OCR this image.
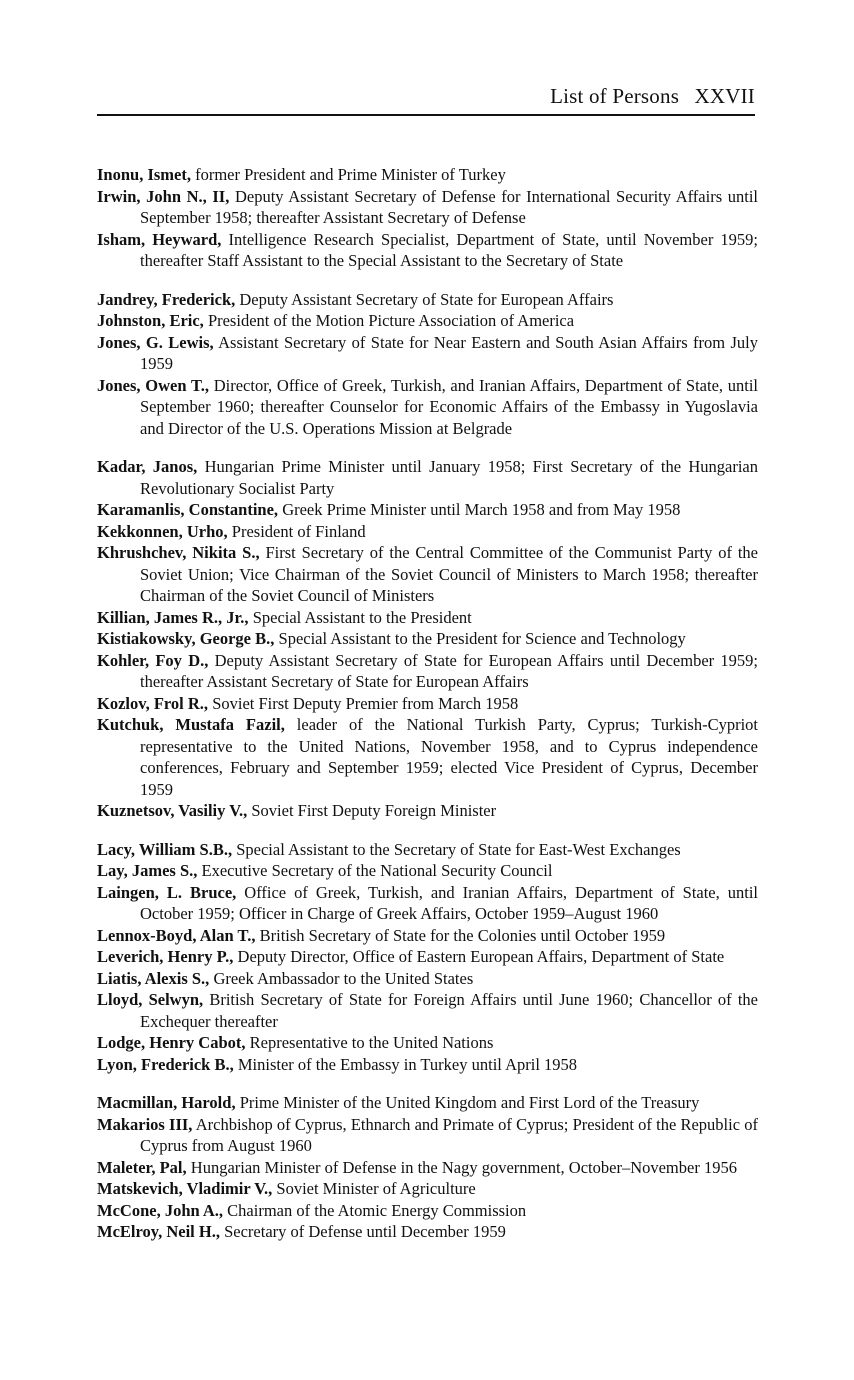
List of Persons XXVII
Inonu, Ismet, former President and Prime Minister of Turkey
Irwin, John N., II, Deputy Assistant Secretary of Defense for International Security Affairs until September 1958; thereafter Assistant Secretary of Defense
Isham, Heyward, Intelligence Research Specialist, Department of State, until November 1959; thereafter Staff Assistant to the Special Assistant to the Secretary of State
Jandrey, Frederick, Deputy Assistant Secretary of State for European Affairs
Johnston, Eric, President of the Motion Picture Association of America
Jones, G. Lewis, Assistant Secretary of State for Near Eastern and South Asian Affairs from July 1959
Jones, Owen T., Director, Office of Greek, Turkish, and Iranian Affairs, Department of State, until September 1960; thereafter Counselor for Economic Affairs of the Embassy in Yugoslavia and Director of the U.S. Operations Mission at Belgrade
Kadar, Janos, Hungarian Prime Minister until January 1958; First Secretary of the Hungarian Revolutionary Socialist Party
Karamanlis, Constantine, Greek Prime Minister until March 1958 and from May 1958
Kekkonnen, Urho, President of Finland
Khrushchev, Nikita S., First Secretary of the Central Committee of the Communist Party of the Soviet Union; Vice Chairman of the Soviet Council of Ministers to March 1958; thereafter Chairman of the Soviet Council of Ministers
Killian, James R., Jr., Special Assistant to the President
Kistiakowsky, George B., Special Assistant to the President for Science and Technology
Kohler, Foy D., Deputy Assistant Secretary of State for European Affairs until December 1959; thereafter Assistant Secretary of State for European Affairs
Kozlov, Frol R., Soviet First Deputy Premier from March 1958
Kutchuk, Mustafa Fazil, leader of the National Turkish Party, Cyprus; Turkish-Cypriot representative to the United Nations, November 1958, and to Cyprus independence conferences, February and September 1959; elected Vice President of Cyprus, December 1959
Kuznetsov, Vasiliy V., Soviet First Deputy Foreign Minister
Lacy, William S.B., Special Assistant to the Secretary of State for East-West Exchanges
Lay, James S., Executive Secretary of the National Security Council
Laingen, L. Bruce, Office of Greek, Turkish, and Iranian Affairs, Department of State, until October 1959; Officer in Charge of Greek Affairs, October 1959–August 1960
Lennox-Boyd, Alan T., British Secretary of State for the Colonies until October 1959
Leverich, Henry P., Deputy Director, Office of Eastern European Affairs, Department of State
Liatis, Alexis S., Greek Ambassador to the United States
Lloyd, Selwyn, British Secretary of State for Foreign Affairs until June 1960; Chancellor of the Exchequer thereafter
Lodge, Henry Cabot, Representative to the United Nations
Lyon, Frederick B., Minister of the Embassy in Turkey until April 1958
Macmillan, Harold, Prime Minister of the United Kingdom and First Lord of the Treasury
Makarios III, Archbishop of Cyprus, Ethnarch and Primate of Cyprus; President of the Republic of Cyprus from August 1960
Maleter, Pal, Hungarian Minister of Defense in the Nagy government, October–November 1956
Matskevich, Vladimir V., Soviet Minister of Agriculture
McCone, John A., Chairman of the Atomic Energy Commission
McElroy, Neil H., Secretary of Defense until December 1959
